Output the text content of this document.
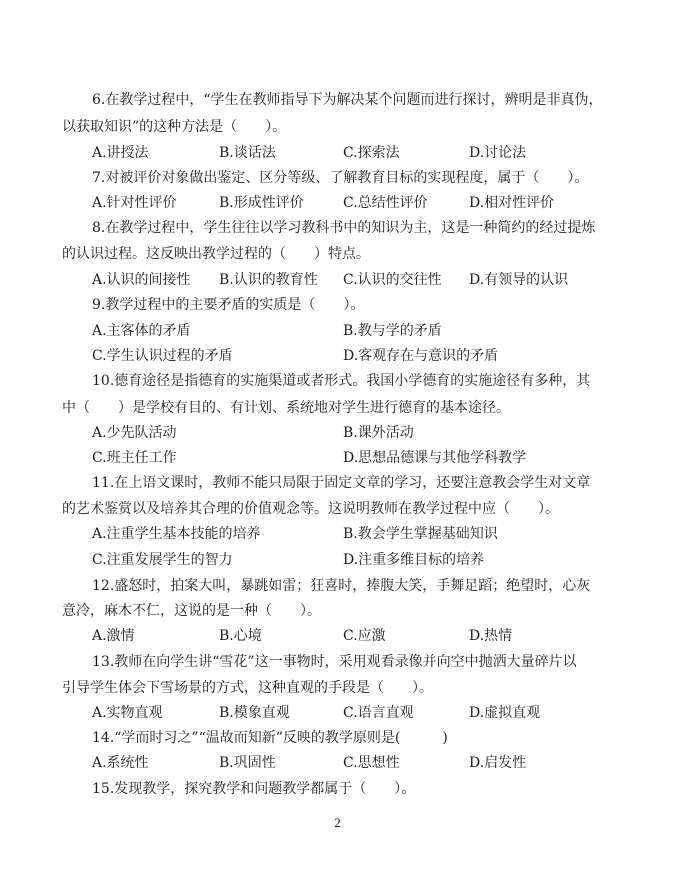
6.在教学过程中，“学生在教师指导下为解决某个问题而进行探讨，辨明是非真伪，
以获取知识”的这种方法是（　　）。
A.讲授法	B.谈话法	C.探索法	D.讨论法
7.对被评价对象做出鉴定、区分等级、了解教育目标的实现程度，属于（　　）。
A.针对性评价	B.形成性评价	C.总结性评价	D.相对性评价
8.在教学过程中，学生往往以学习教科书中的知识为主，这是一种简约的经过提炼
的认识过程。这反映出教学过程的（　　）特点。
A.认识的间接性 B.认识的教育性 C.认识的交往性 D.有领导的认识
9.教学过程中的主要矛盾的实质是（　　）。
A.主客体的矛盾	B.教与学的矛盾
C.学生认识过程的矛盾	D.客观存在与意识的矛盾
10.德育途径是指德育的实施渠道或者形式。我国小学德育的实施途径有多种，其
中（　　）是学校有目的、有计划、系统地对学生进行德育的基本途径。
A.少先队活动	B.课外活动
C.班主任工作	D.思想品德课与其他学科教学
11.在上语文课时，教师不能只局限于固定文章的学习，还要注意教会学生对文章
的艺术鉴赏以及培养其合理的价值观念等。这说明教师在教学过程中应（　　）。
A.注重学生基本技能的培养	B.教会学生掌握基础知识
C.注重发展学生的智力	D.注重多维目标的培养
12.盛怒时，拍案大叫，暴跳如雷；狂喜时，捧腹大笑，手舞足蹈；绝望时，心灰
意冷，麻木不仁，这说的是一种（　　）。
A.激情	B.心境	C.应激	D.热情
13.教师在向学生讲“雪花”这一事物时，采用观看录像并向空中抛洒大量碎片以
引导学生体会下雪场景的方式，这种直观的手段是（　　）。
A.实物直观	B.模象直观	C.语言直观	D.虚拟直观
14.“学而时习之”“温故而知新”反映的教学原则是(　　　)
A.系统性	B.巩固性	C.思想性	D.启发性
15.发现教学，探究教学和问题教学都属于（　　）。
2
